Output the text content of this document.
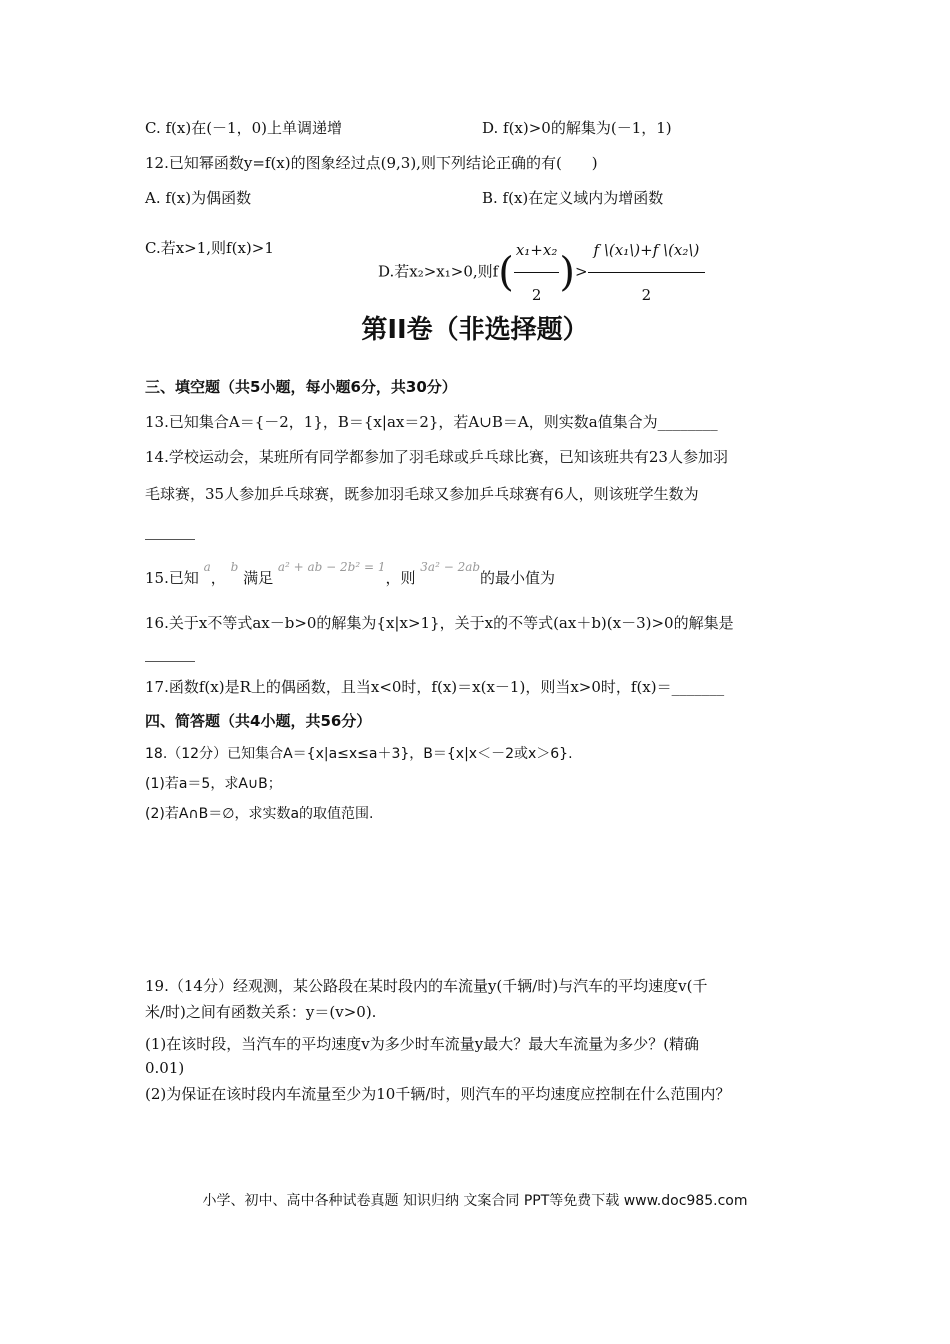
C. f(x)在(－1，0)上单调递增	D. f(x)>0的解集为(－1，1)
12.已知幂函数y=f(x)的图象经过点(9,3),则下列结论正确的有(　　)
A. f(x)为偶函数	B. f(x)在定义域内为增函数
C.若x>1,则f(x)>1
D.若x₂>x₁>0,则$f( \frac{\text{x₁+x₂}}{2}$ )> $\frac{\text{f \textbackslash{}(x₁\textbackslash{})+f \textbackslash{}(x₂\textbackslash{})}}{2}$
第II卷（非选择题）
三、填空题（共5小题，每小题6分，共30分）
13.已知集合A＝{－2，1}，B＝{x|ax＝2}，若A∪B＝A，则实数a值集合为________
14.学校运动会，某班所有同学都参加了羽毛球或乒乓球比赛，已知该班共有23人参加羽
毛球赛，35人参加乒乓球赛，既参加羽毛球又参加乒乓球赛有6人，则该班学生数为
15.已知 $^a$， $^b$ 满足 $^{a^2 + ab - 2b^2 = 1}$，则 $^{3a^2 - 2ab}$的最小值为
16.关于x不等式ax－b>0的解集为{x|x>1}，关于x的不等式(ax＋b)(x－3)>0的解集是
17.函数f(x)是R上的偶函数，且当x<0时，f(x)＝x(x－1)，则当x>0时，f(x)＝_______
四、简答题（共4小题，共56分）
18.（12分）已知集合A＝{x|a≤x≤a＋3}，B＝{x|x＜－2或x＞6}.
(1)若a＝5，求A∪B；
(2)若A∩B＝∅，求实数a的取值范围.
19.（14分）经观测，某公路段在某时段内的车流量y(千辆/时)与汽车的平均速度v(千
米/时)之间有函数关系：y＝(v>0).
(1)在该时段，当汽车的平均速度v为多少时车流量y最大？最大车流量为多少？(精确
0.01)
(2)为保证在该时段内车流量至少为10千辆/时，则汽车的平均速度应控制在什么范围内？
小学、初中、高中各种试卷真题 知识归纳 文案合同 PPT等免费下载 www.doc985.com
